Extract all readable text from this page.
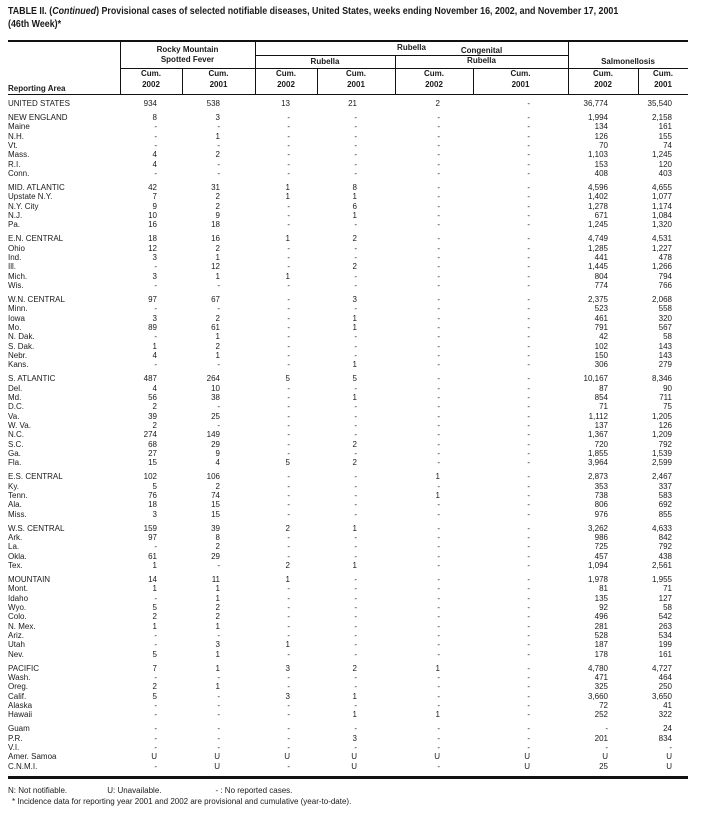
TABLE II. (Continued) Provisional cases of selected notifiable diseases, United States, weeks ending November 16, 2002, and November 17, 2001
(46th Week)*
Rubella
Rocky Mountain
Spotted Fever	Rubella
Congenital
Rubella	Salmonellosis
Cum.
2002
Cum.
2001
Cum.
2002
Cum.
2001
Cum.
2002
Cum.
2001
Cum.
2002
Cum.
2001
Reporting Area
UNITED STATES	934	538	13	21	2	-	36,774	35,540
NEW ENGLAND	8	3	-	-	-	-	1,994	2,158
Maine	-	-	-	-	-	-	134	161
N.H.	-	1	-	-	-	-	126	155
Vt.	-	-	-	-	-	-	70	74
Mass.	4	2	-	-	-	-	1,103	1,245
R.I.	4	-	-	-	-	-	153	120
Conn.	-	-	-	-	-	-	408	403
MID. ATLANTIC	42	31	1	8	-	-	4,596	4,655
Upstate N.Y.	7	2	1	1	-	-	1,402	1,077
N.Y. City	9	2	-	6	-	-	1,278	1,174
N.J.	10	9	-	1	-	-	671	1,084
Pa.	16	18	-	-	-	-	1,245	1,320
E.N. CENTRAL	18	16	1	2	-	-	4,749	4,531
Ohio	12	2	-	-	-	-	1,285	1,227
Ind.	3	1	-	-	-	-	441	478
Ill.	-	12	-	2	-	-	1,445	1,266
Mich.	3	1	1	-	-	-	804	794
Wis.	-	-	-	-	-	-	774	766
W.N. CENTRAL	97	67	-	3	-	-	2,375	2,068
Minn.	-	-	-	-	-	-	523	558
Iowa	3	2	-	1	-	-	461	320
Mo.	89	61	-	1	-	-	791	567
N. Dak.	-	1	-	-	-	-	42	58
S. Dak.	1	2	-	-	-	-	102	143
Nebr.	4	1	-	-	-	-	150	143
Kans.	-	-	-	1	-	-	306	279
S. ATLANTIC	487	264	5	5	-	-	10,167	8,346
Del.	4	10	-	-	-	-	87	90
Md.	56	38	-	1	-	-	854	711
D.C.	2	-	-	-	-	-	71	75
Va.	39	25	-	-	-	-	1,112	1,205
W. Va.	2	-	-	-	-	-	137	126
N.C.	274	149	-	-	-	-	1,367	1,209
S.C.	68	29	-	2	-	-	720	792
Ga.	27	9	-	-	-	-	1,855	1,539
Fla.	15	4	5	2	-	-	3,964	2,599
E.S. CENTRAL	102	106	-	-	1	-	2,873	2,467
Ky.	5	2	-	-	-	-	353	337
Tenn.	76	74	-	-	1	-	738	583
Ala.	18	15	-	-	-	-	806	692
Miss.	3	15	-	-	-	-	976	855
W.S. CENTRAL	159	39	2	1	-	-	3,262	4,633
Ark.	97	8	-	-	-	-	986	842
La.	-	2	-	-	-	-	725	792
Okla.	61	29	-	-	-	-	457	438
Tex.	1	-	2	1	-	-	1,094	2,561
MOUNTAIN	14	11	1	-	-	-	1,978	1,955
Mont.	1	1	-	-	-	-	81	71
Idaho	-	1	-	-	-	-	135	127
Wyo.	5	2	-	-	-	-	92	58
Colo.	2	2	-	-	-	-	496	542
N. Mex.	1	1	-	-	-	-	281	263
Ariz.	-	-	-	-	-	-	528	534
Utah	-	3	1	-	-	-	187	199
Nev.	5	1	-	-	-	-	178	161
PACIFIC	7	1	3	2	1	-	4,780	4,727
Wash.	-	-	-	-	-	-	471	464
Oreg.	2	1	-	-	-	-	325	250
Calif.	5	-	3	1	-	-	3,660	3,650
Alaska	-	-	-	-	-	-	72	41
Hawaii	-	-	-	1	1	-	252	322
Guam	-	-	-	-	-	-	-	24
P.R.	-	-	-	3	-	-	201	834
V.I.	-	-	-	-	-	-	-	-
Amer. Samoa	U	U	U	U	U	U	U	U
C.N.M.I.	-	U	-	U	-	U	25	U
N: Not notifiable.	U: Unavailable.	- : No reported cases.
* Incidence data for reporting year 2001 and 2002 are provisional and cumulative (year-to-date).
